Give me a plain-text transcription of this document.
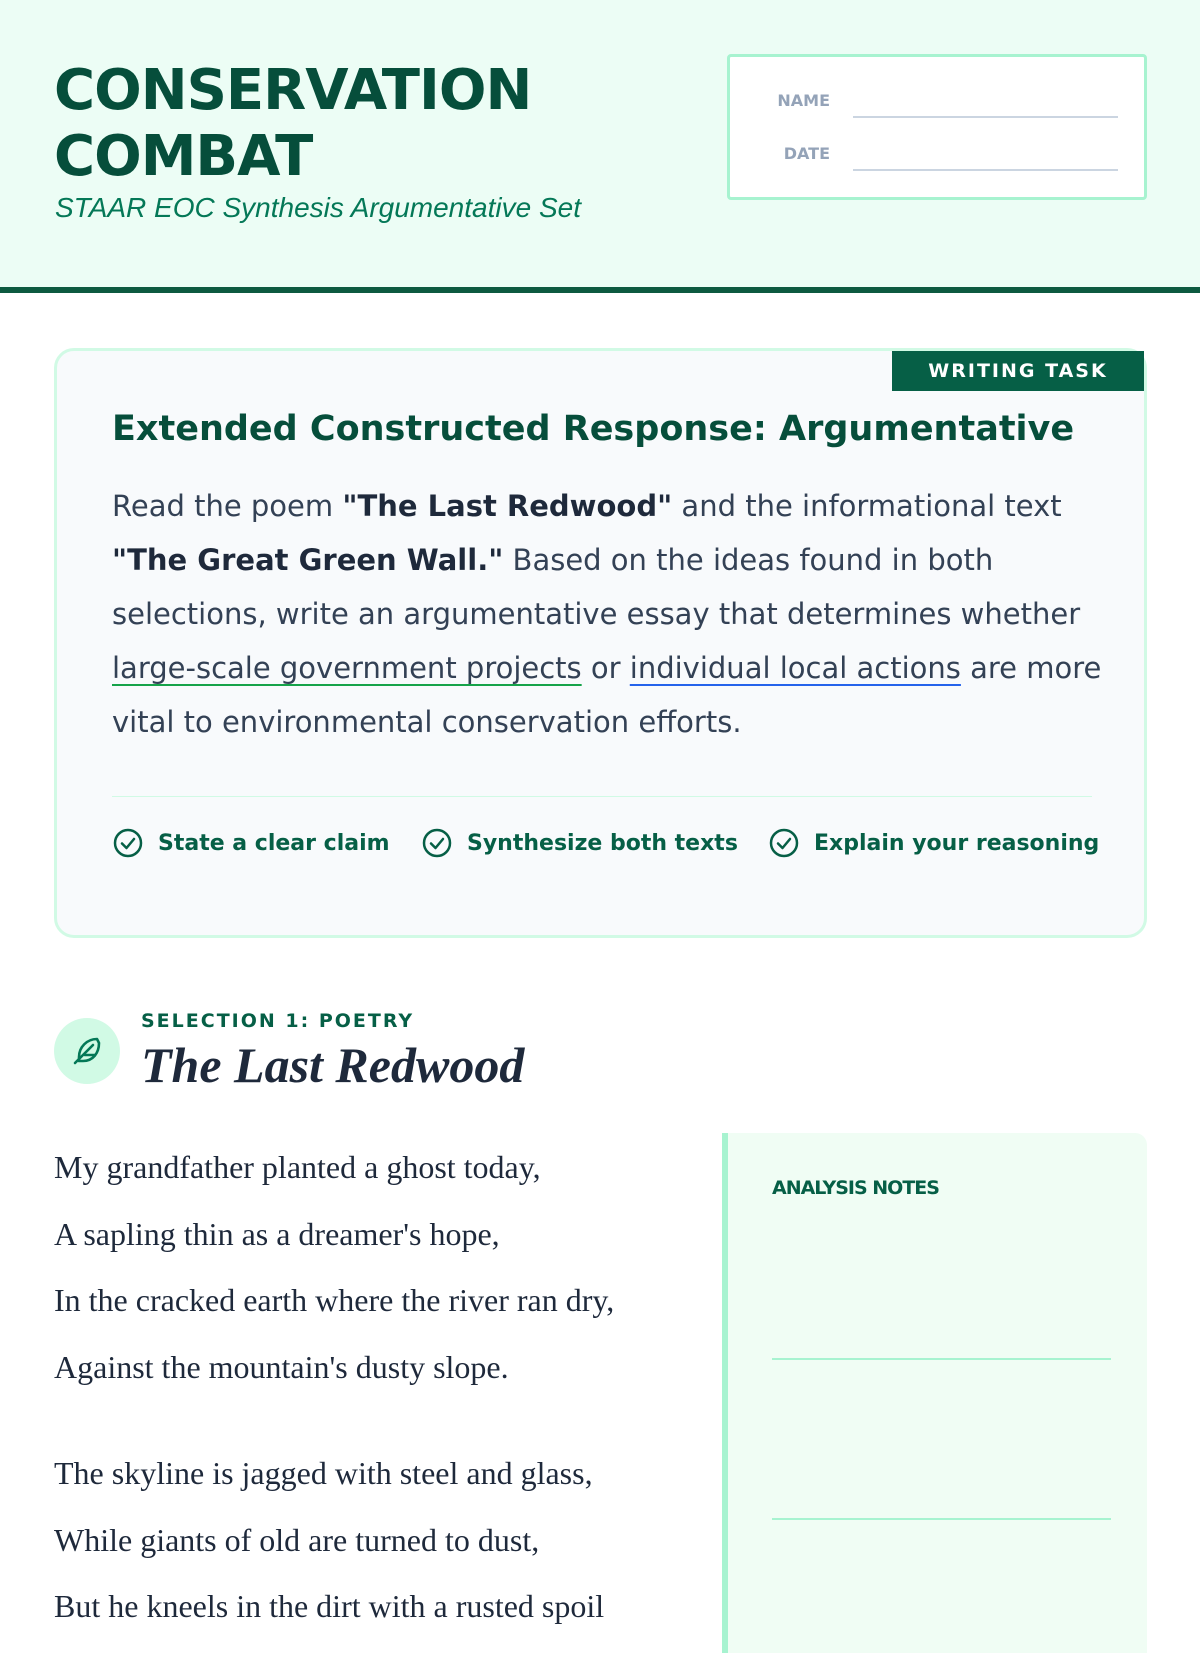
CONSERVATION
COMBAT
STAAR EOC Synthesis Argumentative Set
NAME
DATE
WRITING TASK
Extended Constructed Response: Argumentative
Read the poem "The Last Redwood" and the informational text "The Great Green Wall." Based on the ideas found in both selections, write an argumentative essay that determines whether large-scale government projects or individual local actions are more vital to environmental conservation efforts.
State a clear claim	Synthesize both texts	Explain your reasoning
SELECTION 1: POETRY
The Last Redwood
My grandfather planted a ghost today,
A sapling thin as a dreamer's hope,
In the cracked earth where the river ran dry,
Against the mountain's dusty slope.
The skyline is jagged with steel and glass,
While giants of old are turned to dust,
But he kneels in the dirt with a rusted spoil
ANALYSIS NOTES
